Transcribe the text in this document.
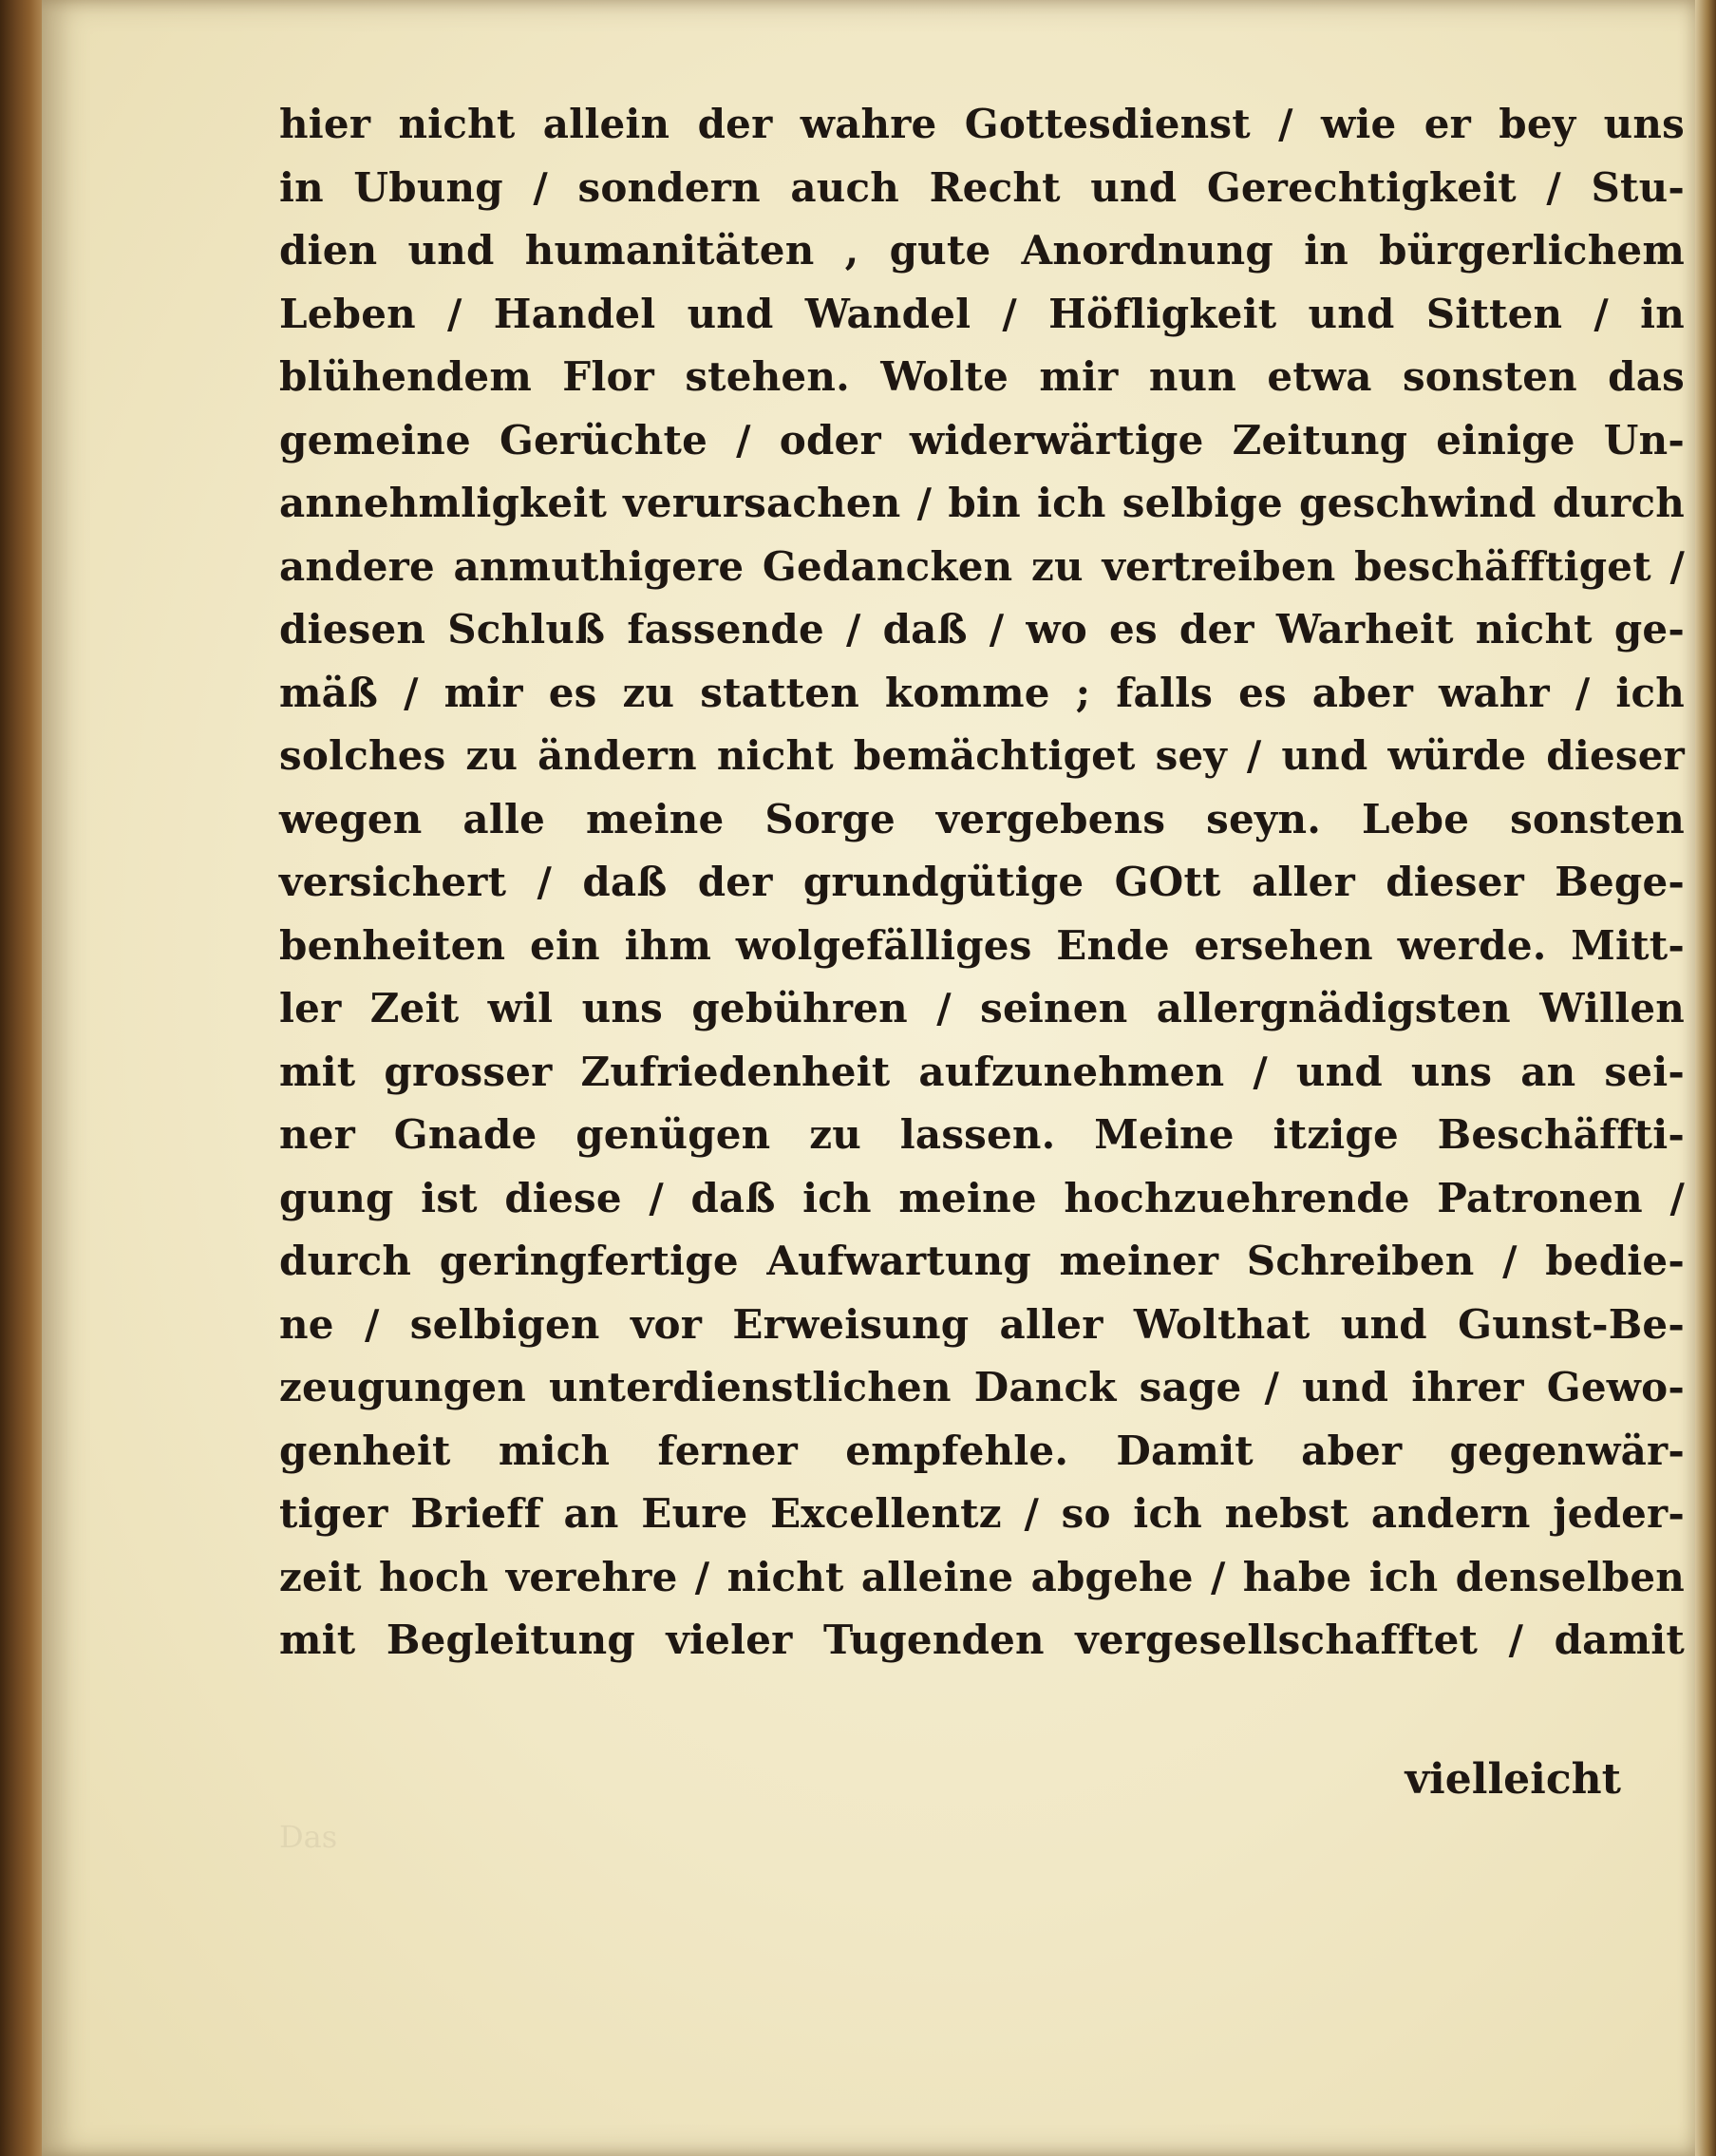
hier nicht allein der wahre Gottesdienst / wie er bey uns
in Ubung / sondern auch Recht und Gerechtigkeit / Stu-
dien und humanitäten , gute Anordnung in bürgerlichem
Leben / Handel und Wandel / Höfligkeit und Sitten / in
blühendem Flor stehen. Wolte mir nun etwa sonsten das
gemeine Gerüchte / oder widerwärtige Zeitung einige Un-
annehmligkeit verursachen / bin ich selbige geschwind durch
andere anmuthigere Gedancken zu vertreiben beschäfftiget /
diesen Schluß fassende / daß / wo es der Warheit nicht ge-
mäß / mir es zu statten komme ; falls es aber wahr / ich
solches zu ändern nicht bemächtiget sey / und würde dieser
wegen alle meine Sorge vergebens seyn. Lebe sonsten
versichert / daß der grundgütige GOtt aller dieser Bege-
benheiten ein ihm wolgefälliges Ende ersehen werde. Mitt-
ler Zeit wil uns gebühren / seinen allergnädigsten Willen
mit grosser Zufriedenheit aufzunehmen / und uns an sei-
ner Gnade genügen zu lassen. Meine itzige Beschäffti-
gung ist diese / daß ich meine hochzuehrende Patronen /
durch geringfertige Aufwartung meiner Schreiben / bedie-
ne / selbigen vor Erweisung aller Wolthat und Gunst-Be-
zeugungen unterdienstlichen Danck sage / und ihrer Gewo-
genheit mich ferner empfehle. Damit aber gegenwär-
tiger Brieff an Eure Excellentz / so ich nebst andern jeder-
zeit hoch verehre / nicht alleine abgehe / habe ich denselben
mit Begleitung vieler Tugenden vergesellschafftet / damit
Das
vielleicht
